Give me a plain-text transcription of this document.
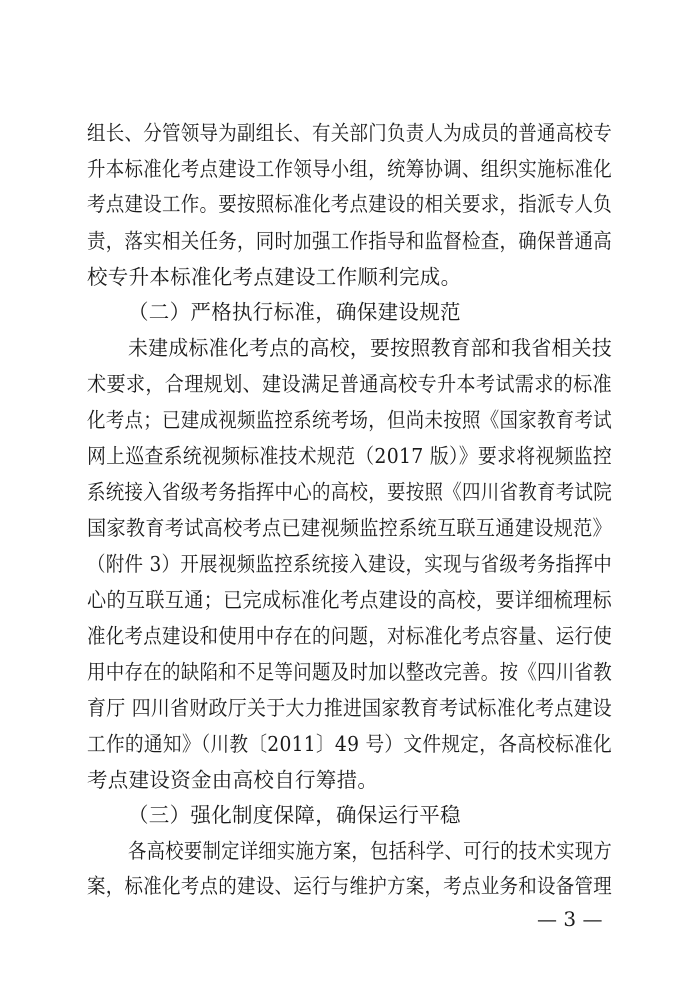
组长、分管领导为副组长、有关部门负责人为成员的普通高校专
升本标准化考点建设工作领导小组，统筹协调、组织实施标准化
考点建设工作。要按照标准化考点建设的相关要求，指派专人负
责，落实相关任务，同时加强工作指导和监督检查，确保普通高
校专升本标准化考点建设工作顺利完成。
（二）严格执行标准，确保建设规范
未建成标准化考点的高校，要按照教育部和我省相关技
术要求，合理规划、建设满足普通高校专升本考试需求的标准
化考点；已建成视频监控系统考场，但尚未按照《国家教育考试
网上巡查系统视频标准技术规范（2017 版）》要求将视频监控
系统接入省级考务指挥中心的高校，要按照《四川省教育考试院
国家教育考试高校考点已建视频监控系统互联互通建设规范》
（附件 3）开展视频监控系统接入建设，实现与省级考务指挥中
心的互联互通；已完成标准化考点建设的高校，要详细梳理标
准化考点建设和使用中存在的问题，对标准化考点容量、运行使
用中存在的缺陷和不足等问题及时加以整改完善。按《四川省教
育厅 四川省财政厅关于大力推进国家教育考试标准化考点建设
工作的通知》（川教〔2011〕49 号）文件规定，各高校标准化
考点建设资金由高校自行筹措。
（三）强化制度保障，确保运行平稳
各高校要制定详细实施方案，包括科学、可行的技术实现方
案，标准化考点的建设、运行与维护方案，考点业务和设备管理
— 3 —
